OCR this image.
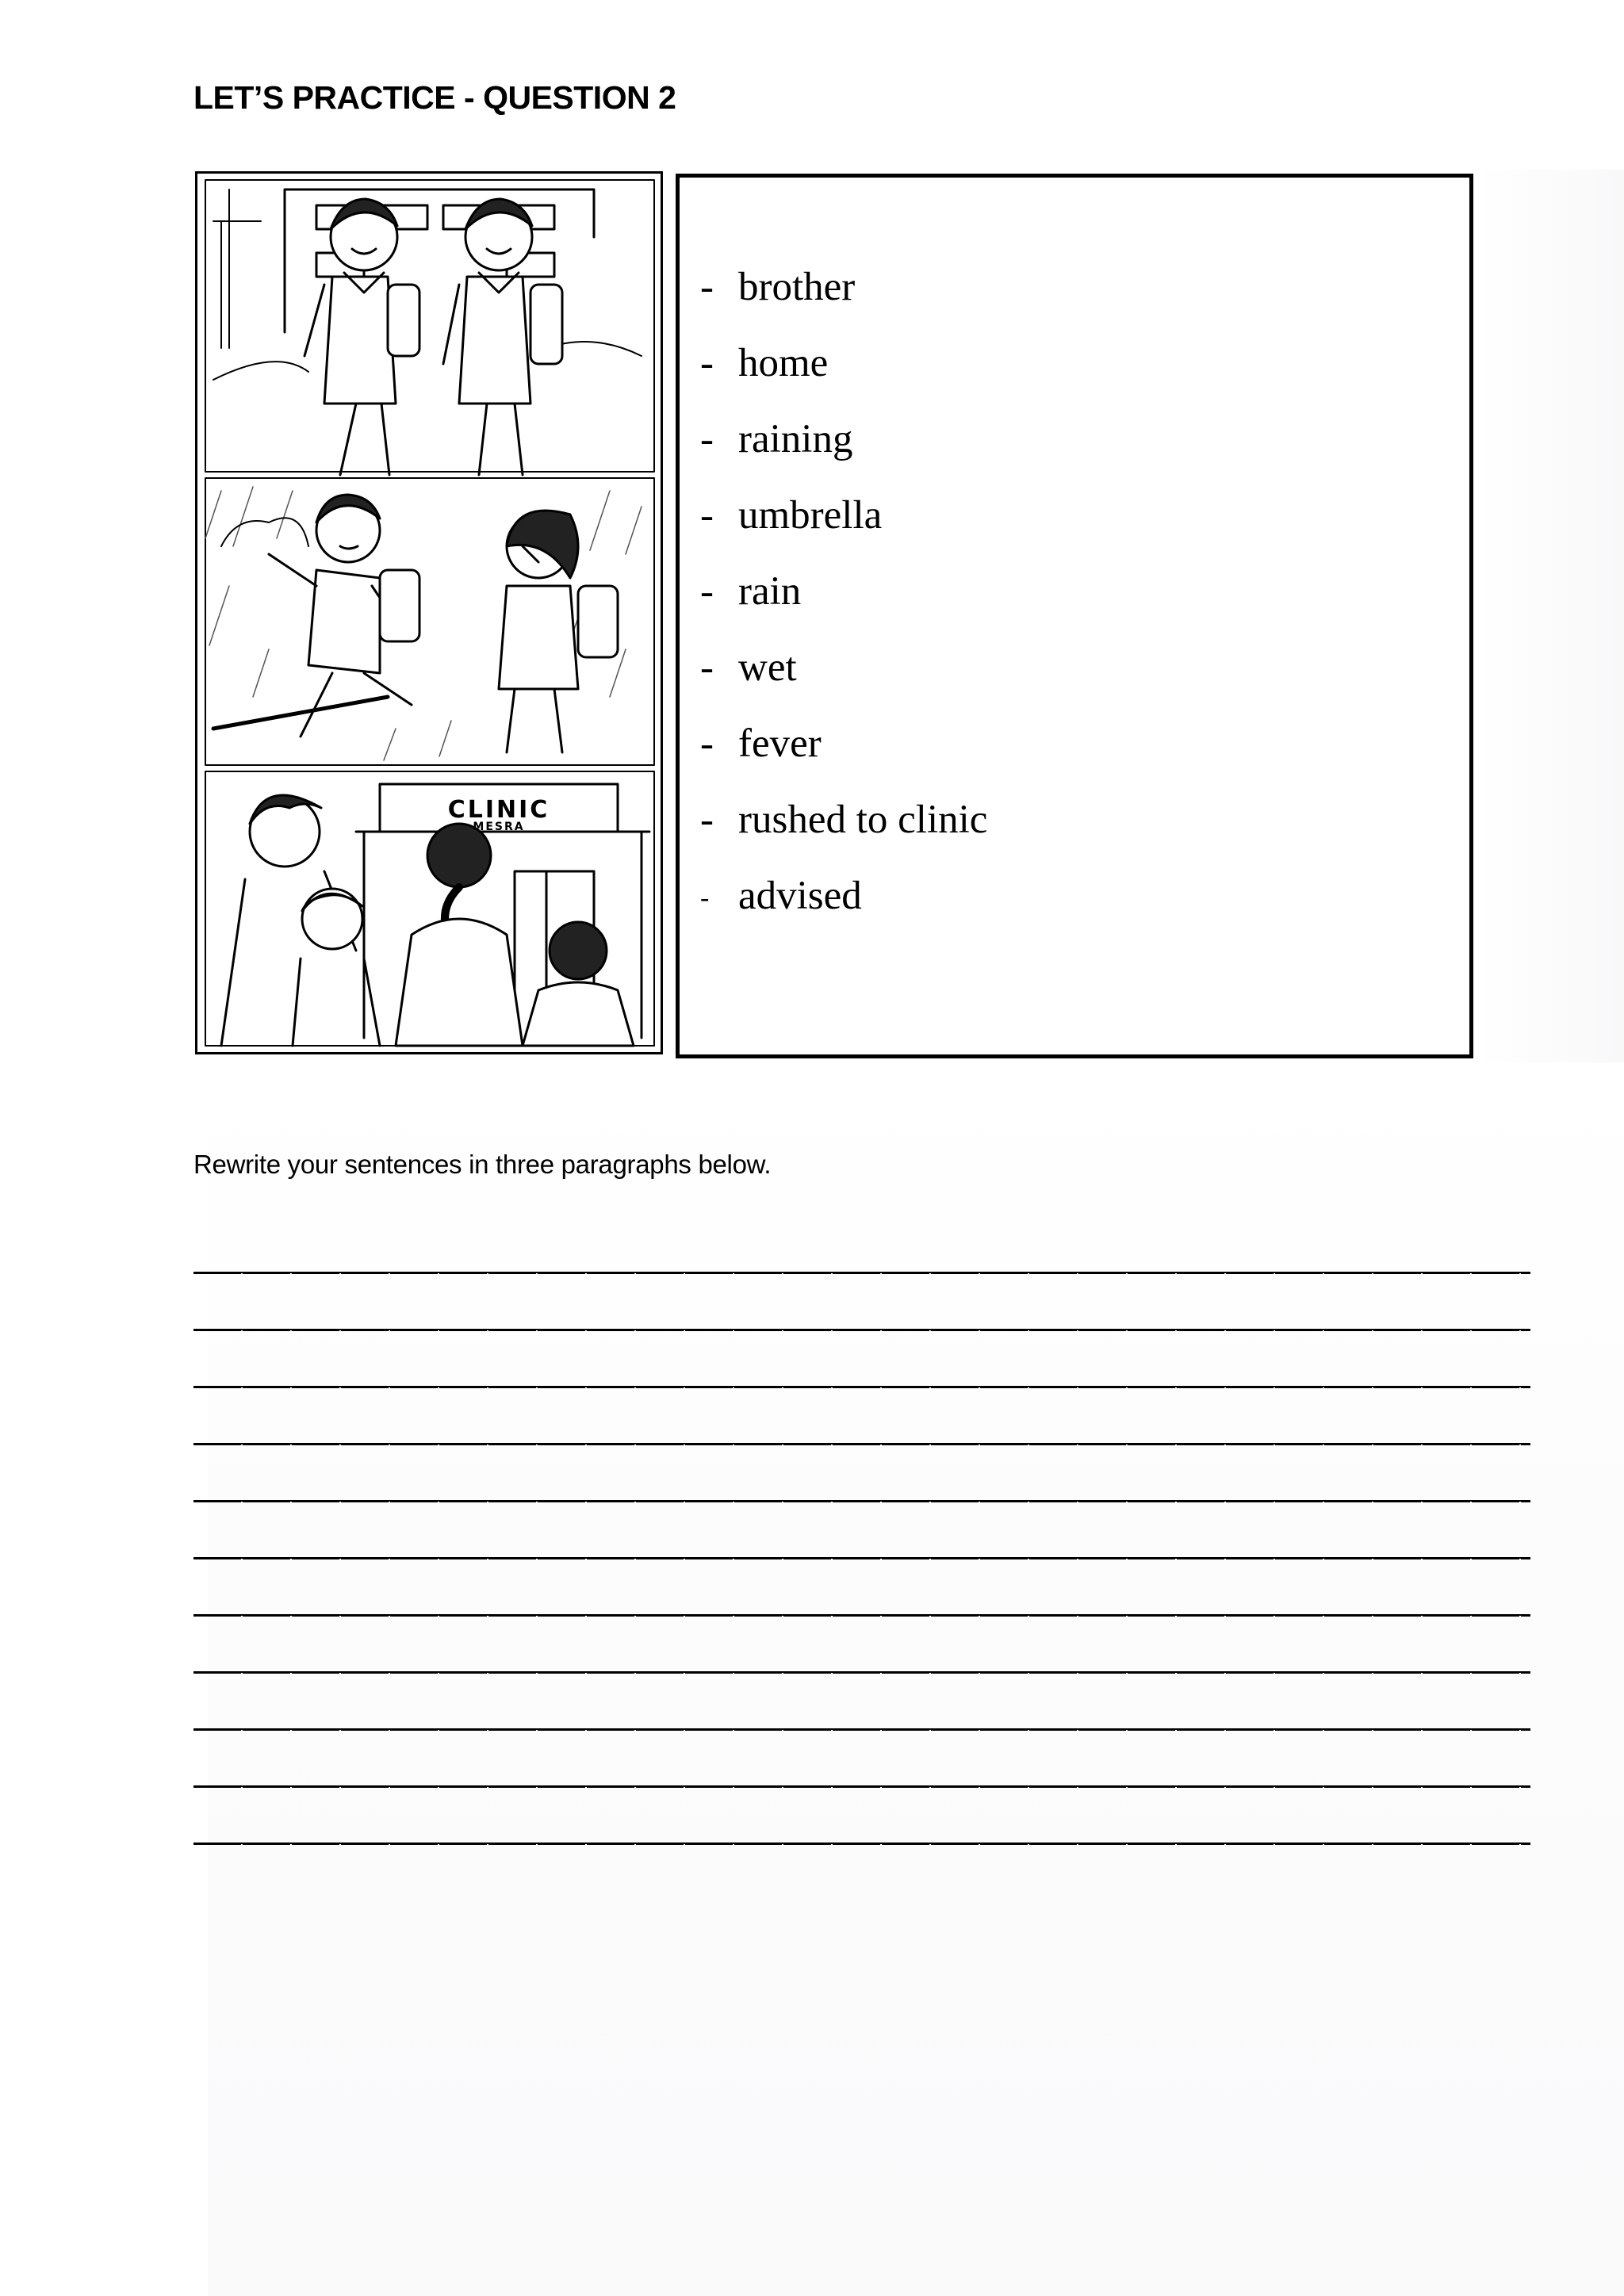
LET’S PRACTICE - QUESTION 2
CLINIC
MESRA
- brother
- home
- raining
- umbrella
- rain
- wet
- fever
- rushed to clinic
- advised
Rewrite your sentences in three paragraphs below.
